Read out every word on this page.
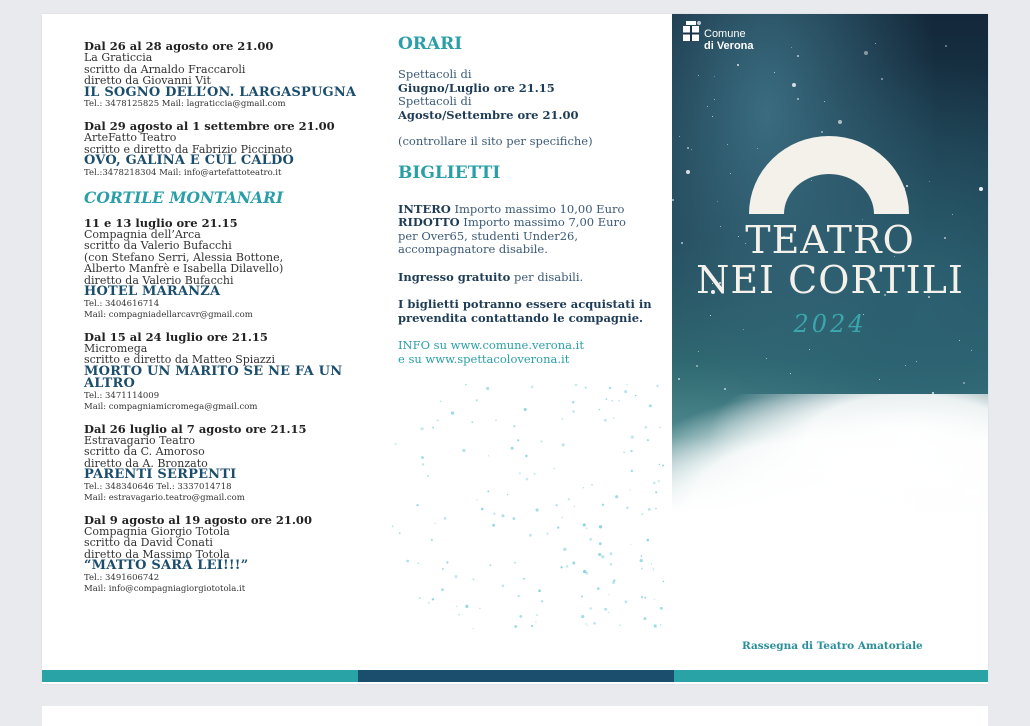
Dal 26 al 28 agosto ore 21.00
La Graticcia
scritto da Arnaldo Fraccaroli
diretto da Giovanni Vit
IL SOGNO DELL’ON. LARGASPUGNA
Tel.: 3478125825 Mail: lagraticcia@gmail.com
Dal 29 agosto al 1 settembre ore 21.00
ArteFatto Teatro
scritto e diretto da Fabrizio Piccinato
OVO, GALINA E CUL CALDO
Tel.:3478218304 Mail: info@artefattoteatro.it
CORTILE MONTANARI
11 e 13 luglio ore 21.15
Compagnia dell’Arca
scritto da Valerio Bufacchi
(con Stefano Serri, Alessia Bottone,
Alberto Manfrè e Isabella Dilavello)
diretto da Valerio Bufacchi
HOTEL MARANZA
Tel.: 3404616714
Mail: compagniadellarcavr@gmail.com
Dal 15 al 24 luglio ore 21.15
Micromega
scritto e diretto da Matteo Spiazzi
MORTO UN MARITO SE NE FA UN ALTRO
Tel.: 3471114009
Mail: compagniamicromega@gmail.com
Dal 26 luglio al 7 agosto ore 21.15
Estravagario Teatro
scritto da C. Amoroso
diretto da A. Bronzato
PARENTI SERPENTI
Tel.: 348340646 Tel.: 3337014718
Mail: estravagario.teatro@gmail.com
Dal 9 agosto al 19 agosto ore 21.00
Compagnia Giorgio Totola
scritto da David Conati
diretto da Massimo Totola
“MATTO SARÀ LEI!!!”
Tel.: 3491606742
Mail: info@compagniagiorgiototola.it
ORARI
Spettacoli di
Giugno/Luglio ore 21.15
Spettacoli di
Agosto/Settembre ore 21.00
(controllare il sito per specifiche)
BIGLIETTI
INTERO Importo massimo 10,00 Euro
RIDOTTO Importo massimo 7,00 Euro
per Over65, studenti Under26,
accompagnatore disabile.
Ingresso gratuito per disabili.
I biglietti potranno essere acquistati in prevendita contattando le compagnie.
INFO su www.comune.verona.it
e su www.spettacoloverona.it
Comune
di Verona
TEATRO
NEI CORTILI
2024
Rassegna di Teatro Amatoriale
